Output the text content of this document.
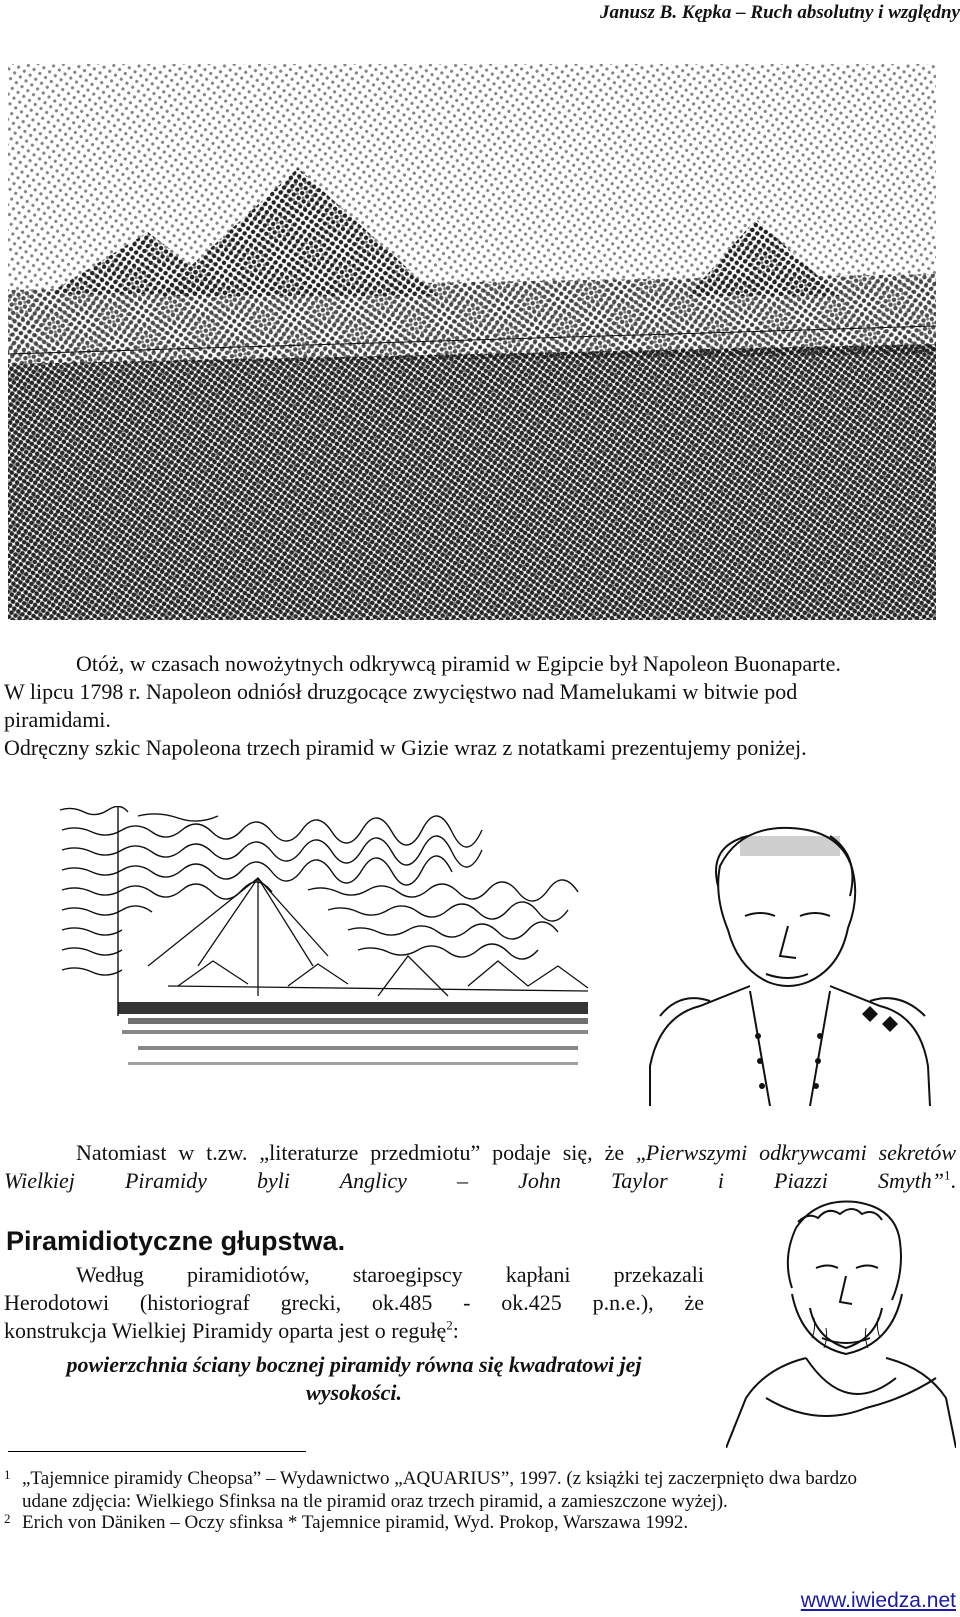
Janusz B. Kępka – Ruch absolutny i względny
Otóż, w czasach nowożytnych odkrywcą piramid w Egipcie był Napoleon Buonaparte.
W lipcu 1798 r. Napoleon odniósł druzgocące zwycięstwo nad Mamelukami w bitwie pod
piramidami.
Odręczny szkic Napoleona trzech piramid w Gizie wraz z notatkami prezentujemy poniżej.
Natomiast w t.zw. „literaturze przedmiotu” podaje się, że „Pierwszymi odkrywcami sekretów Wielkiej Piramidy byli Anglicy – John Taylor i Piazzi Smyth”$^1$.
Piramidiotyczne głupstwa.
Według piramidiotów, staroegipscy kapłani przekazali
Herodotowi (historiograf grecki, ok.485 - ok.425 p.n.e.), że
konstrukcja Wielkiej Piramidy oparta jest o regułę$^2$:
powierzchnia ściany bocznej piramidy równa się kwadratowi jej
wysokości.
1 „Tajemnice piramidy Cheopsa” – Wydawnictwo „AQUARIUS”, 1997. (z książki tej zaczerpnięto dwa bardzo
udane zdjęcia: Wielkiego Sfinksa na tle piramid oraz trzech piramid, a zamieszczone wyżej).
2 Erich von Däniken – Oczy sfinksa * Tajemnice piramid, Wyd. Prokop, Warszawa 1992.
www.iwiedza.net
